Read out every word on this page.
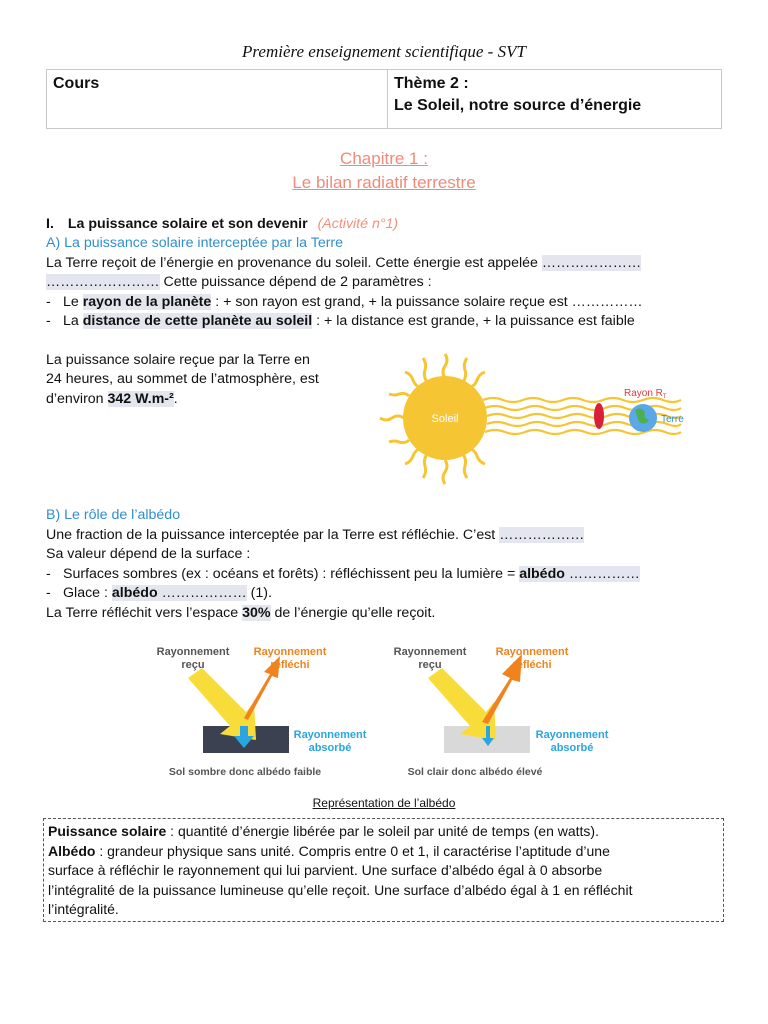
Première enseignement scientifique - SVT
Cours	Thème 2 :
Le Soleil, notre source d’énergie
Chapitre 1 :
Le bilan radiatif terrestre
I. La puissance solaire et son devenir (Activité n°1)
A) La puissance solaire interceptée par la Terre
La Terre reçoit de l’énergie en provenance du soleil. Cette énergie est appelée …………………
…………………… Cette puissance dépend de 2 paramètres :
- Le rayon de la planète : + son rayon est grand, + la puissance solaire reçue est ……………
- La distance de cette planète au soleil : + la distance est grande, + la puissance est faible
La puissance solaire reçue par la Terre en
24 heures, au sommet de l’atmosphère, est
d’environ 342 W.m-².
Soleil
Rayon $R_T$
Terre
B) Le rôle de l’albédo
Une fraction de la puissance interceptée par la Terre est réfléchie. C’est ………………
Sa valeur dépend de la surface :
- Surfaces sombres (ex : océans et forêts) : réfléchissent peu la lumière = albédo ……………
- Glace : albédo ……………… (1).
La Terre réfléchit vers l’espace 30% de l’énergie qu’elle reçoit.
Rayonnement reçu
Rayonnement réfléchi
Rayonnement absorbé
Sol sombre donc albédo faible
Rayonnement reçu
Rayonnement réfléchi
Rayonnement absorbé
Sol clair donc albédo élevé
Représentation de l’albédo
Puissance solaire : quantité d’énergie libérée par le soleil par unité de temps (en watts).
Albédo : grandeur physique sans unité. Compris entre 0 et 1, il caractérise l’aptitude d’une
surface à réfléchir le rayonnement qui lui parvient. Une surface d’albédo égal à 0 absorbe
l’intégralité de la puissance lumineuse qu’elle reçoit. Une surface d’albédo égal à 1 en réfléchit
l’intégralité.
